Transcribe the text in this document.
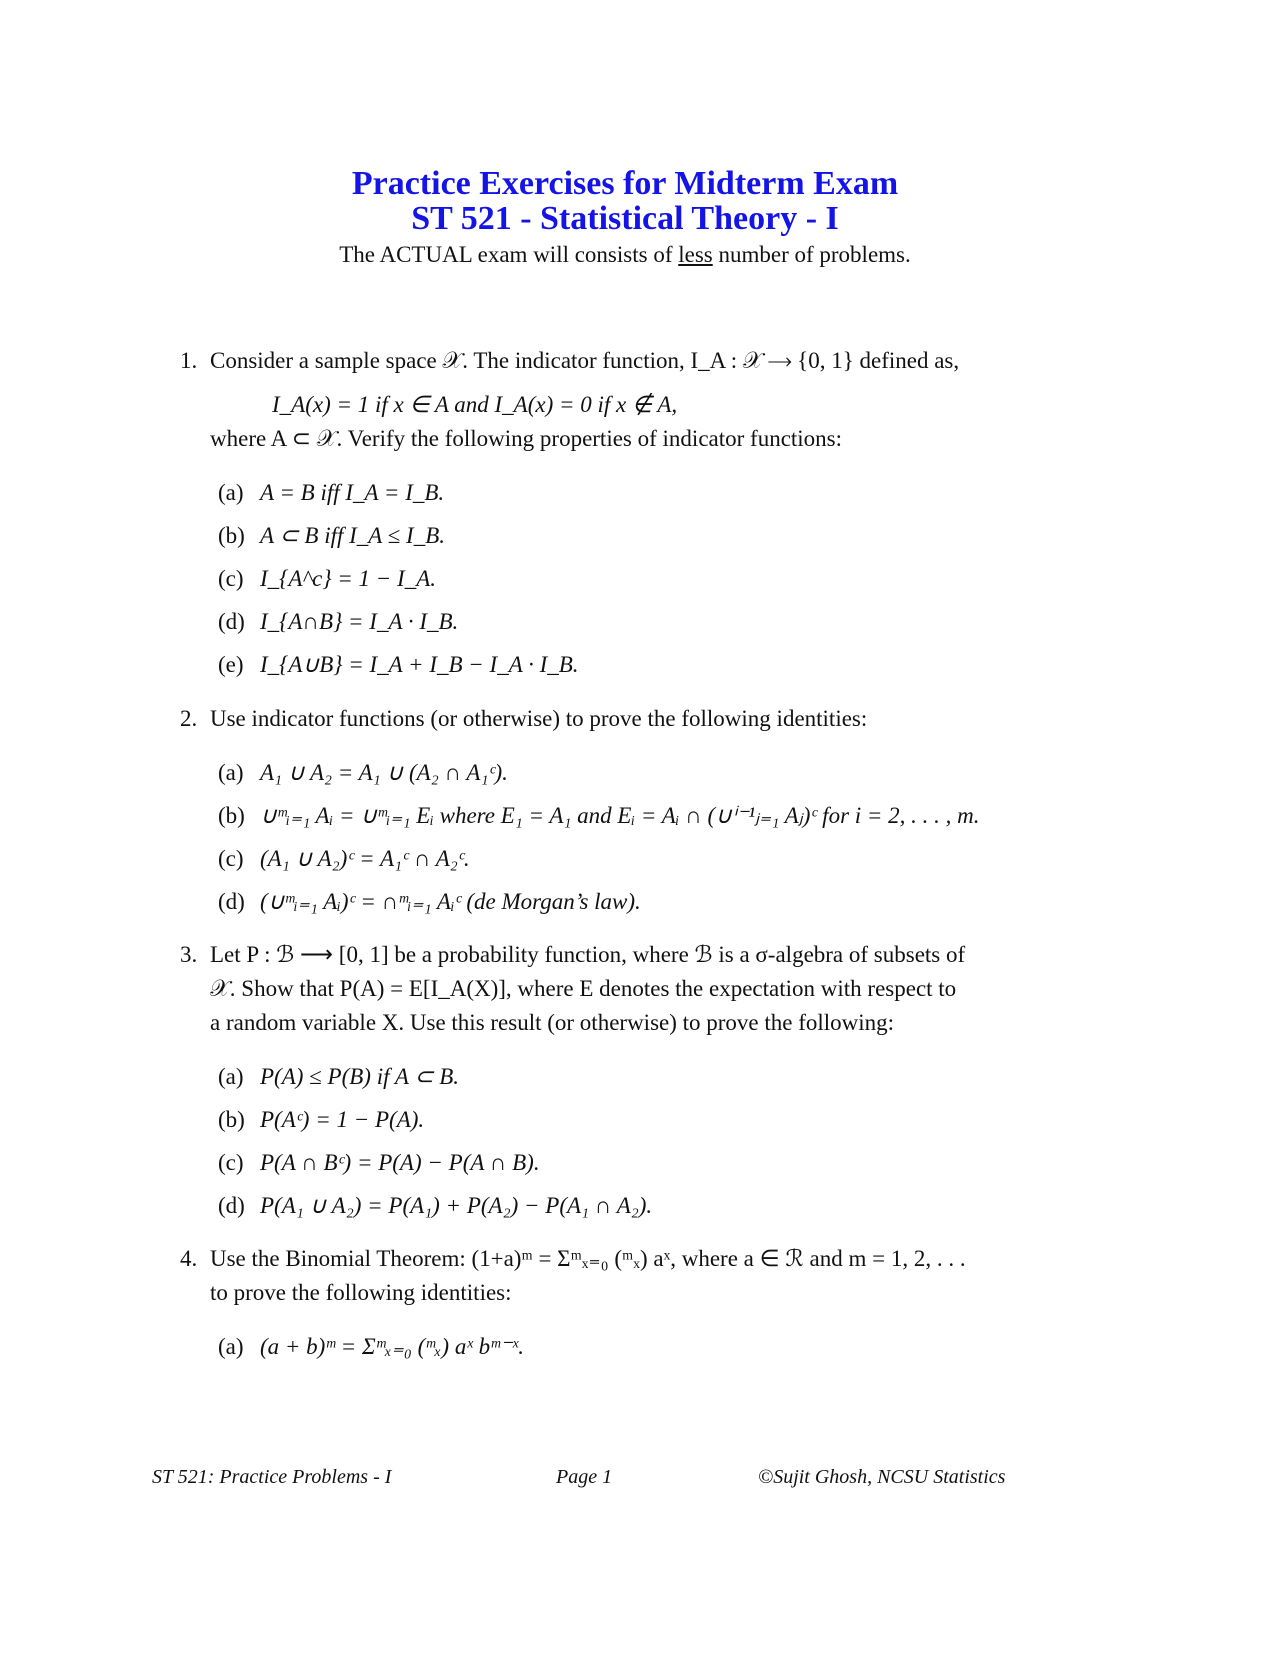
Practice Exercises for Midterm Exam
ST 521 - Statistical Theory - I
The ACTUAL exam will consists of less number of problems.
1. Consider a sample space 𝒳. The indicator function, I_A : 𝒳 ⟶ {0, 1} defined as,
I_A(x) = 1 if x ∈ A and I_A(x) = 0 if x ∉ A,
where A ⊂ 𝒳. Verify the following properties of indicator functions:
(a) A = B iff I_A = I_B.
(b) A ⊂ B iff I_A ≤ I_B.
(c) I_{A^c} = 1 − I_A.
(d) I_{A∩B} = I_A · I_B.
(e) I_{A∪B} = I_A + I_B − I_A · I_B.
2. Use indicator functions (or otherwise) to prove the following identities:
(a) A₁ ∪ A₂ = A₁ ∪ (A₂ ∩ A₁ᶜ).
(b) ∪ᵐᵢ₌₁ Aᵢ = ∪ᵐᵢ₌₁ Eᵢ where E₁ = A₁ and Eᵢ = Aᵢ ∩ (∪ⁱ⁻¹ⱼ₌₁ Aⱼ)ᶜ for i = 2, . . . , m.
(c) (A₁ ∪ A₂)ᶜ = A₁ᶜ ∩ A₂ᶜ.
(d) (∪ᵐᵢ₌₁ Aᵢ)ᶜ = ∩ᵐᵢ₌₁ Aᵢᶜ (de Morgan’s law).
3. Let P : ℬ ⟶ [0, 1] be a probability function, where ℬ is a σ-algebra of subsets of
𝒳. Show that P(A) = E[I_A(X)], where E denotes the expectation with respect to
a random variable X. Use this result (or otherwise) to prove the following:
(a) P(A) ≤ P(B) if A ⊂ B.
(b) P(Aᶜ) = 1 − P(A).
(c) P(A ∩ Bᶜ) = P(A) − P(A ∩ B).
(d) P(A₁ ∪ A₂) = P(A₁) + P(A₂) − P(A₁ ∩ A₂).
4. Use the Binomial Theorem: (1+a)ᵐ = Σᵐₓ₌₀ (ᵐₓ) aˣ, where a ∈ ℛ and m = 1, 2, . . .
to prove the following identities:
(a) (a + b)ᵐ = Σᵐₓ₌₀ (ᵐₓ) aˣ bᵐ⁻ˣ.
ST 521: Practice Problems - I	Page 1	©Sujit Ghosh, NCSU Statistics
